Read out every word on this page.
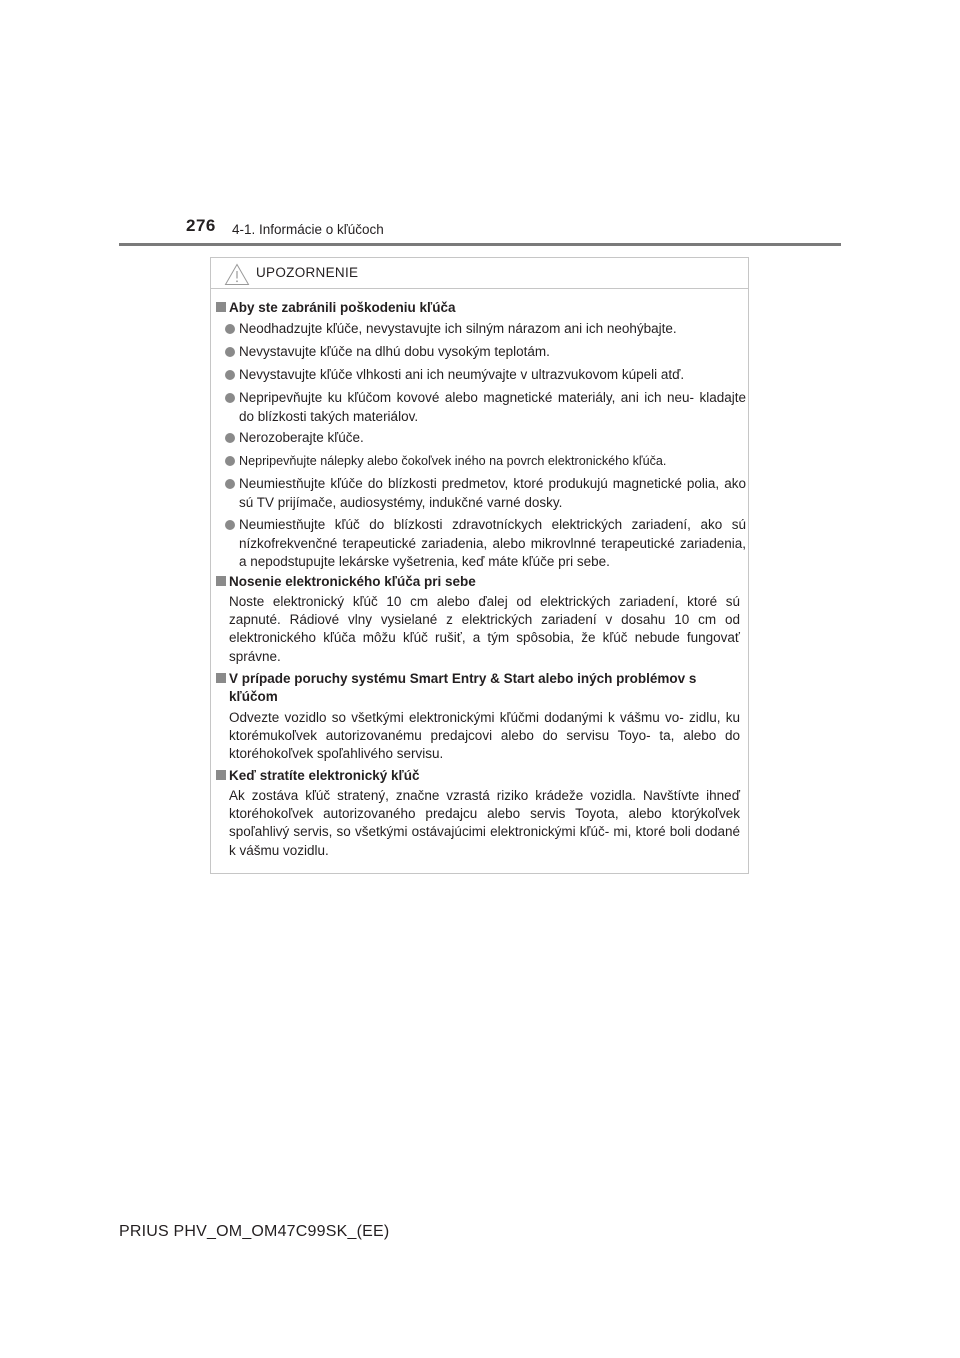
276 4-1. Informácie o kľúčoch
UPOZORNENIE
Aby ste zabránili poškodeniu kľúča
Neodhadzujte kľúče, nevystavujte ich silným nárazom ani ich neohýbajte.
Nevystavujte kľúče na dlhú dobu vysokým teplotám.
Nevystavujte kľúče vlhkosti ani ich neumývajte v ultrazvukovom kúpeli atď.
Nepripevňujte ku kľúčom kovové alebo magnetické materiály, ani ich neu- kladajte do blízkosti takých materiálov.
Nerozoberajte kľúče.
Nepripevňujte nálepky alebo čokoľvek iného na povrch elektronického kľúča.
Neumiestňujte kľúče do blízkosti predmetov, ktoré produkujú magnetické polia, ako sú TV prijímače, audiosystémy, indukčné varné dosky.
Neumiestňujte kľúč do blízkosti zdravotníckych elektrických zariadení, ako sú nízkofrekvenčné terapeutické zariadenia, alebo mikrovlnné terapeutické zariadenia, a nepodstupujte lekárske vyšetrenia, keď máte kľúče pri sebe.
Nosenie elektronického kľúča pri sebe
Noste elektronický kľúč 10 cm alebo ďalej od elektrických zariadení, ktoré sú zapnuté. Rádiové vlny vysielané z elektrických zariadení v dosahu 10 cm od elektronického kľúča môžu kľúč rušiť, a tým spôsobia, že kľúč nebude fungovať správne.
V prípade poruchy systému Smart Entry & Start alebo iných problémov s kľúčom
Odvezte vozidlo so všetkými elektronickými kľúčmi dodanými k vášmu vo- zidlu, ku ktorémukoľvek autorizovanému predajcovi alebo do servisu Toyo- ta, alebo do ktoréhokoľvek spoľahlivého servisu.
Keď stratíte elektronický kľúč
Ak zostáva kľúč stratený, značne vzrastá riziko krádeže vozidla. Navštívte ihneď ktoréhokoľvek autorizovaného predajcu alebo servis Toyota, alebo ktorýkoľvek spoľahlivý servis, so všetkými ostávajúcimi elektronickými kľúč- mi, ktoré boli dodané k vášmu vozidlu.
PRIUS PHV_OM_OM47C99SK_(EE)
